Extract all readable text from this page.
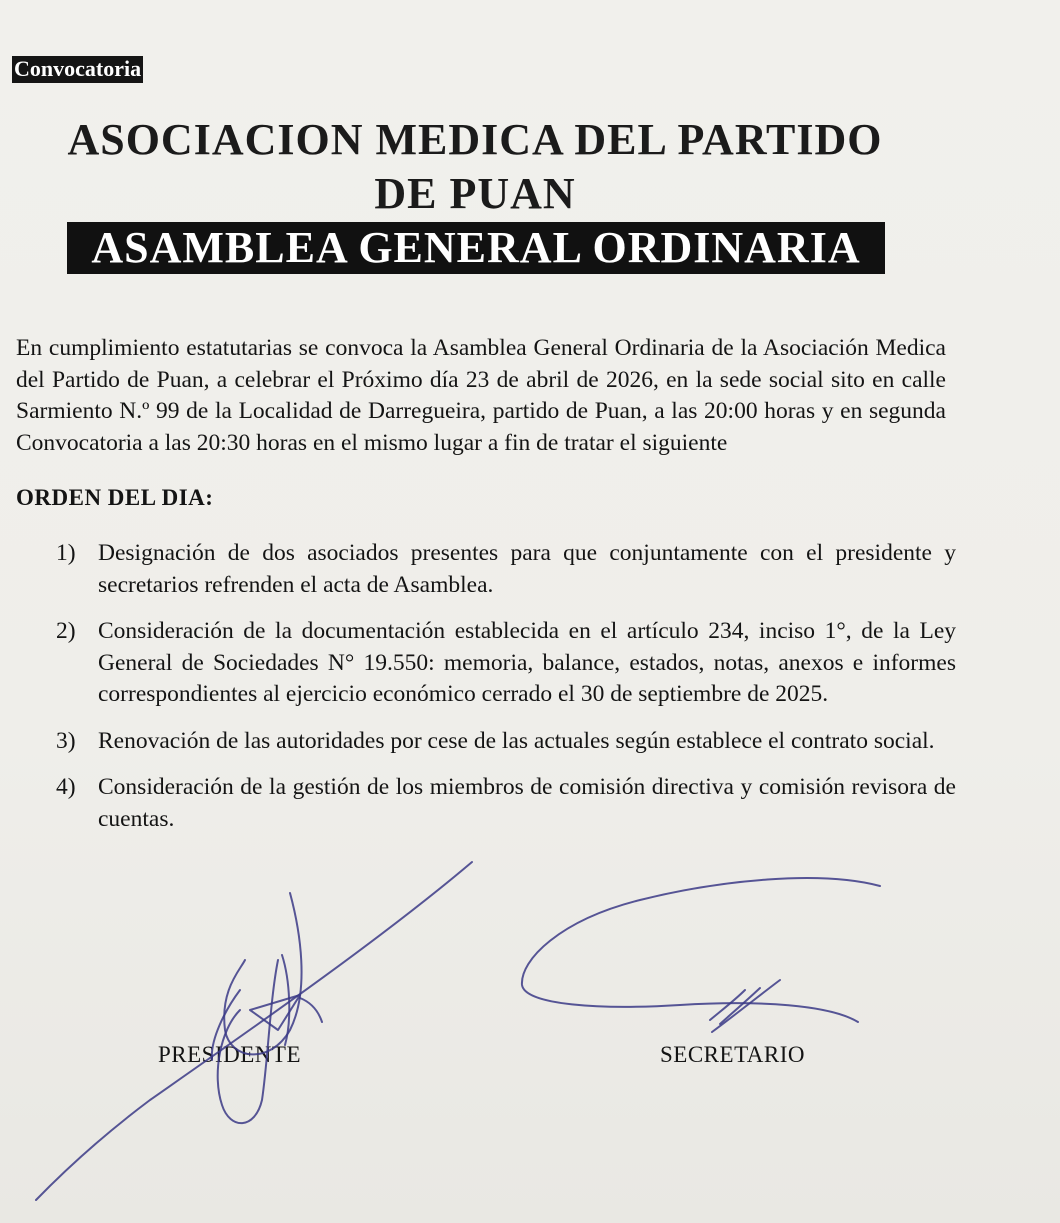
Convocatoria
ASOCIACION MEDICA DEL PARTIDO
DE PUAN
ASAMBLEA GENERAL ORDINARIA

En cumplimiento estatutarias se convoca la Asamblea General Ordinaria de la Asociación Medica del Partido de Puan, a celebrar el Próximo día 23 de abril de 2026, en la sede social sito en calle Sarmiento N.º 99 de la Localidad de Darregueira, partido de Puan, a las 20:00 horas y en segunda Convocatoria a las 20:30 horas en el mismo lugar a fin de tratar el siguiente

ORDEN DEL DIA:
1) Designación de dos asociados presentes para que conjuntamente con el presidente y secretarios refrenden el acta de Asamblea.
2) Consideración de la documentación establecida en el artículo 234, inciso 1°, de la Ley General de Sociedades N° 19.550: memoria, balance, estados, notas, anexos e informes correspondientes al ejercicio económico cerrado el 30 de septiembre de 2025.
3) Renovación de las autoridades por cese de las actuales según establece el contrato social.
4) Consideración de la gestión de los miembros de comisión directiva y comisión revisora de cuentas.
PRESIDENTE	SECRETARIO
